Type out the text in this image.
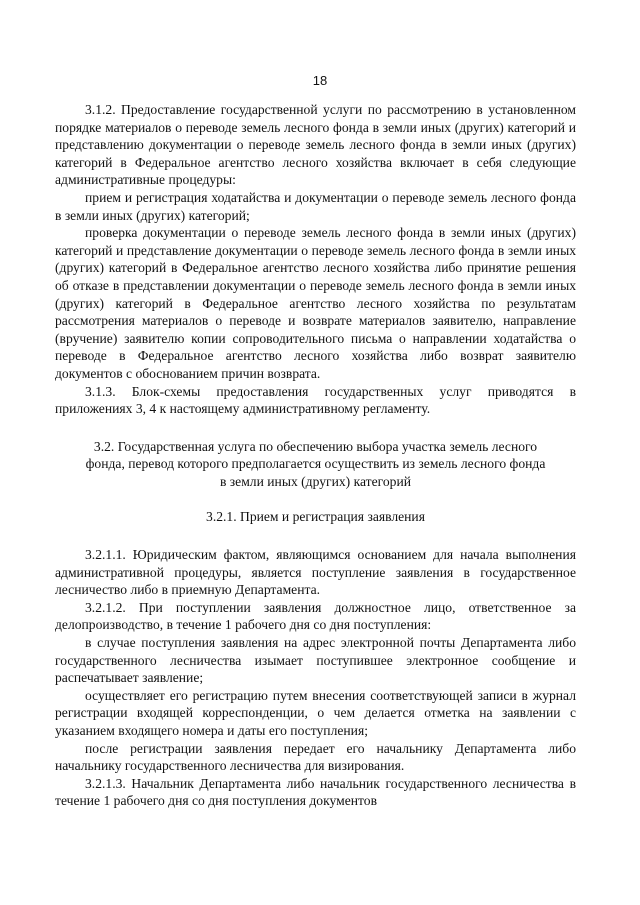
18

3.1.2. Предоставление государственной услуги по рассмотрению в установленном порядке материалов о переводе земель лесного фонда в земли иных (других) категорий и представлению документации о переводе земель лесного фонда в земли иных (других) категорий в Федеральное агентство лесного хозяйства включает в себя следующие административные процедуры:

прием и регистрация ходатайства и документации о переводе земель лесного фонда в земли иных (других) категорий;

проверка документации о переводе земель лесного фонда в земли иных (других) категорий и представление документации о переводе земель лесного фонда в земли иных (других) категорий в Федеральное агентство лесного хозяйства либо принятие решения об отказе в представлении документации о переводе земель лесного фонда в земли иных (других) категорий в Федеральное агентство лесного хозяйства по результатам рассмотрения материалов о переводе и возврате материалов заявителю, направление (вручение) заявителю копии сопроводительного письма о направлении ходатайства о переводе в Федеральное агентство лесного хозяйства либо возврат заявителю документов с обоснованием причин возврата.

3.1.3. Блок-схемы предоставления государственных услуг приводятся в приложениях 3, 4 к настоящему административному регламенту.

3.2. Государственная услуга по обеспечению выбора участка земель лесного фонда, перевод которого предполагается осуществить из земель лесного фонда в земли иных (других) категорий

3.2.1. Прием и регистрация заявления

3.2.1.1. Юридическим фактом, являющимся основанием для начала выполнения административной процедуры, является поступление заявления в государственное лесничество либо в приемную Департамента.

3.2.1.2. При поступлении заявления должностное лицо, ответственное за делопроизводство, в течение 1 рабочего дня со дня поступления:

в случае поступления заявления на адрес электронной почты Департамента либо государственного лесничества изымает поступившее электронное сообщение и распечатывает заявление;

осуществляет его регистрацию путем внесения соответствующей записи в журнал регистрации входящей корреспонденции, о чем делается отметка на заявлении с указанием входящего номера и даты его поступления;

после регистрации заявления передает его начальнику Департамента либо начальнику государственного лесничества для визирования.

3.2.1.3. Начальник Департамента либо начальник государственного лесничества в течение 1 рабочего дня со дня поступления документов
